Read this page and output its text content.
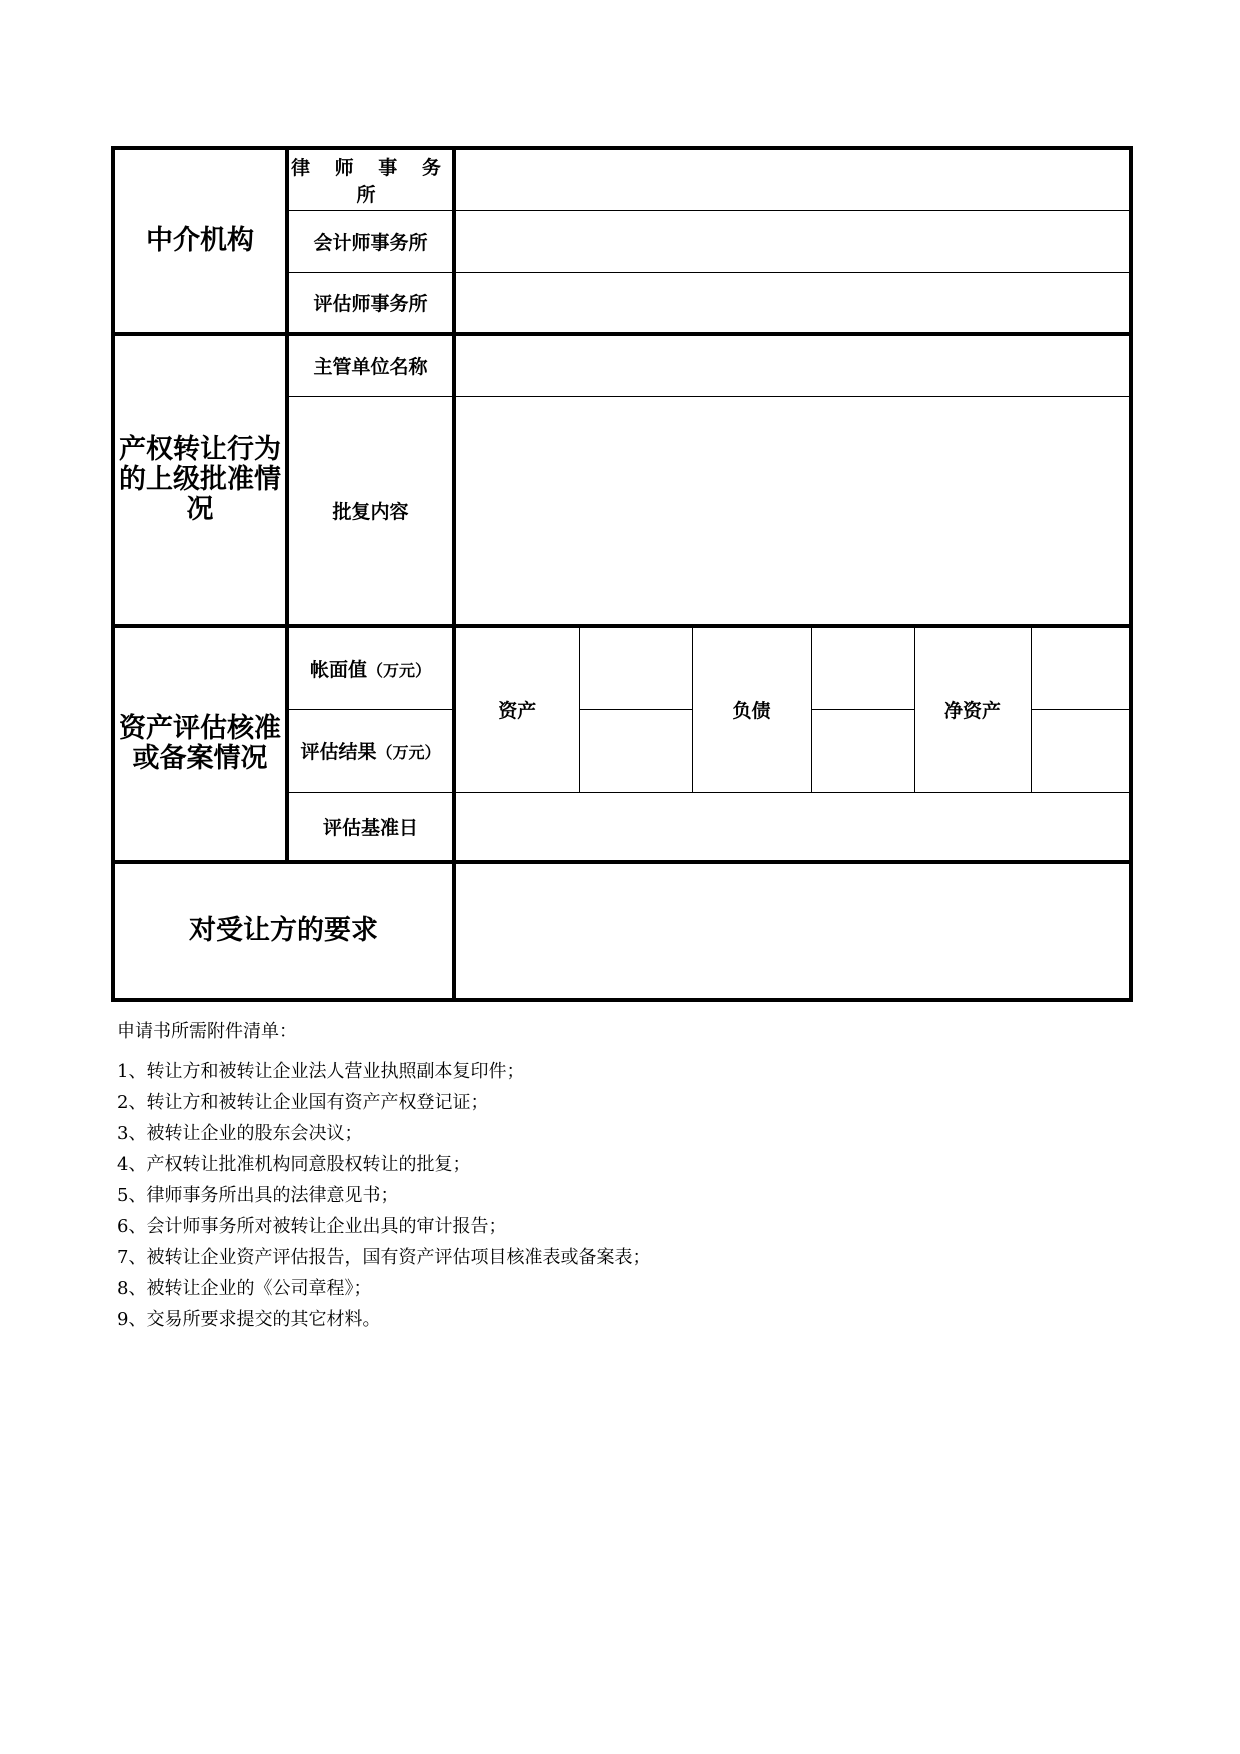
中介机构	律 师 事 务 所						
	会计师事务所						
	评估师事务所						
产权转让行为的上级批准情况	主管单位名称						
	批复内容						
资产评估核准或备案情况	帐面值（万元）	资产		负债		净资产	
	评估结果（万元）						
	评估基准日						
对受让方的要求							
申请书所需附件清单：
1、转让方和被转让企业法人营业执照副本复印件；
2、转让方和被转让企业国有资产产权登记证；
3、被转让企业的股东会决议；
4、产权转让批准机构同意股权转让的批复；
5、律师事务所出具的法律意见书；
6、会计师事务所对被转让企业出具的审计报告；
7、被转让企业资产评估报告，国有资产评估项目核准表或备案表；
8、被转让企业的《公司章程》；
9、交易所要求提交的其它材料。
